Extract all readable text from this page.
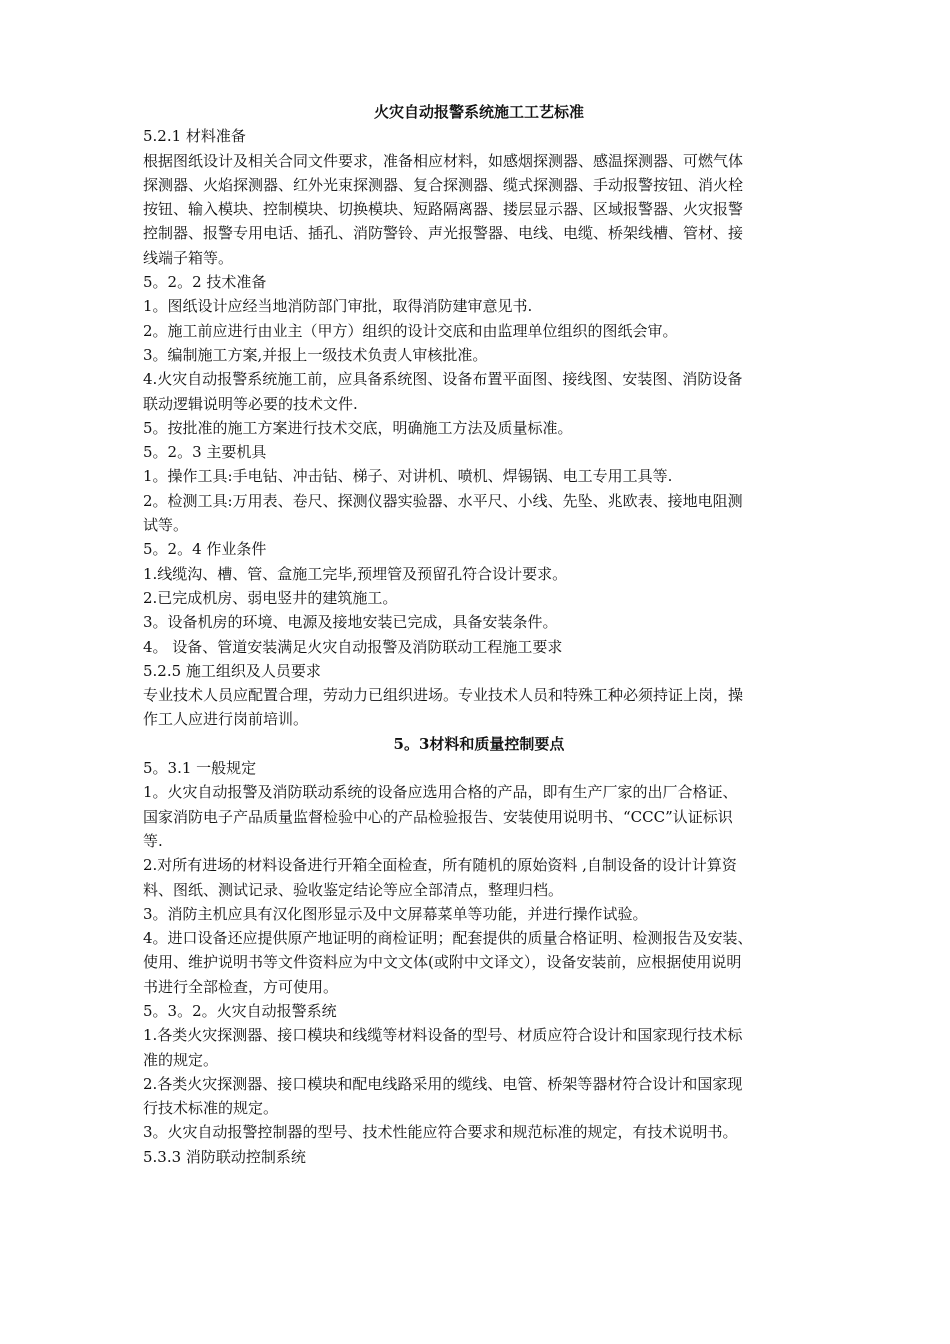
火灾自动报警系统施工工艺标准
5.2.1 材料准备
根据图纸设计及相关合同文件要求，准备相应材料，如感烟探测器、感温探测器、可燃气体
探测器、火焰探测器、红外光束探测器、复合探测器、缆式探测器、手动报警按钮、消火栓
按钮、输入模块、控制模块、切换模块、短路隔离器、搂层显示器、区域报警器、火灾报警
控制器、报警专用电话、插孔、消防警铃、声光报警器、电线、电缆、桥架线槽、管材、接
线端子箱等。
5。2。2 技术准备
1。图纸设计应经当地消防部门审批，取得消防建审意见书.
2。施工前应进行由业主（甲方）组织的设计交底和由监理单位组织的图纸会审。
3。编制施工方案,并报上一级技术负责人审核批准。
4.火灾自动报警系统施工前，应具备系统图、设备布置平面图、接线图、安装图、消防设备
联动逻辑说明等必要的技术文件.
5。按批准的施工方案进行技术交底，明确施工方法及质量标准。
5。2。3 主要机具
1。操作工具:手电钻、冲击钻、梯子、对讲机、喷机、焊锡锅、电工专用工具等.
2。检测工具:万用表、卷尺、探测仪器实验器、水平尺、小线、先坠、兆欧表、接地电阻测
试等。
5。2。4 作业条件
1.线缆沟、槽、管、盒施工完毕,预埋管及预留孔符合设计要求。
2.已完成机房、弱电竖井的建筑施工。
3。设备机房的环境、电源及接地安装已完成，具备安装条件。
4。 设备、管道安装满足火灾自动报警及消防联动工程施工要求
5.2.5 施工组织及人员要求
专业技术人员应配置合理，劳动力已组织进场。专业技术人员和特殊工种必须持证上岗，操
作工人应进行岗前培训。
5。3材料和质量控制要点
5。3.1 一般规定
1。火灾自动报警及消防联动系统的设备应选用合格的产品，即有生产厂家的出厂合格证、
国家消防电子产品质量监督检验中心的产品检验报告、安装使用说明书、“CCC”认证标识
等.
2.对所有进场的材料设备进行开箱全面检查，所有随机的原始资料 ,自制设备的设计计算资
料、图纸、测试记录、验收鉴定结论等应全部清点，整理归档。
3。消防主机应具有汉化图形显示及中文屏幕菜单等功能，并进行操作试验。
4。进口设备还应提供原产地证明的商检证明；配套提供的质量合格证明、检测报告及安装、
使用、维护说明书等文件资料应为中文文体(或附中文译文），设备安装前，应根据使用说明
书进行全部检查，方可使用。
5。3。2。火灾自动报警系统
1.各类火灾探测器、接口模块和线缆等材料设备的型号、材质应符合设计和国家现行技术标
准的规定。
2.各类火灾探测器、接口模块和配电线路采用的缆线、电管、桥架等器材符合设计和国家现
行技术标准的规定。
3。火灾自动报警控制器的型号、技术性能应符合要求和规范标准的规定，有技术说明书。
5.3.3 消防联动控制系统
